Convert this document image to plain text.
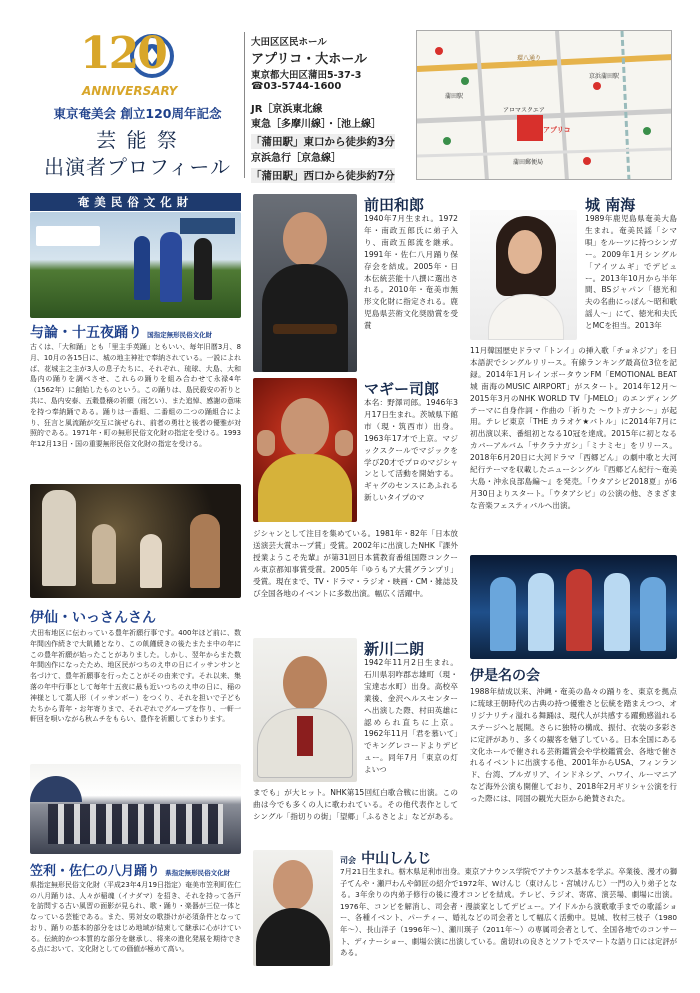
120
ANNIVERSARY
東京奄美会 創立120周年記念
芸 能 祭
出演者プロフィール
大田区区民ホール
アプリコ・大ホール
東京都大田区蒲田5-37-3
☎03-5744-1600
JR［京浜東北線
東急［多摩川線］・［池上線］
「蒲田駅」東口から徒歩約3分
京浜急行［京急線］
「蒲田駅」西口から徒歩約7分
環八通り
京浜蒲田駅
蒲田駅
アロマスクエア
アプリコ
蒲田郵便局
奄美民俗文化財
与論・十五夜踊り 国指定無形民俗文化財
古くは、「大和踊」とも「里主手英踊」ともいい、毎年旧暦3月、8月、10月の各15日に、城の地主神社で奉納されている。一説によれば、花城主之主が3人の息子たちに、それぞれ、琉球、大島、大和島内の踊りを調べさせ、これらの踊りを組み合わせて永禄4年（1562年）に創始したものという。この踊りは、島民殺安の祈りと共に、島内安泰、五穀豊穣の祈願（雨乞い）、また追悼、感謝の意味を持つ奉納踊である。踊りは一番組、二番組の二つの踊組合により、狂言と風流踊が交互に演ぜられ、前者の勇壮と後者の優雅が対照的である。1971年・町の無形民俗文化財の指定を受ける。1993年12月13日・国の重要無形民俗文化財の指定を受ける。
伊仙・いっさんさん
犬田布地区に伝わっている豊年祈願行事です。400年ほど前に、数年間凶作続きで大飢饉となり、この飢饉続きの後たまたま中の年にこの豊年祈願が始ったことがありました。しかし、翌年からまた数年間凶作になったため、地区民がつちのえ申の日にイッサンサンと名づけて、豊年祈願事を行ったことがその由来です。それ以来、集落の年中行事として毎年十五夜に最も近いつちのえ申の日に、稲の神様として藁人形（イッサンボー）をつくり、それを担いで子どもたちから青年・お年寄りまで、それぞれでグループを作り、一軒一軒回を唄いながら秋ムチをもらい、豊作を祈願してまわります。
笠利・佐仁の八月踊り 県指定無形民俗文化財
県指定無形民俗文化財（平成23年4月19日指定）奄美市笠利町佐仁の八月踊りは、人々が稲魂（イナダマ）を招き、それを持って各戸を訪問する古い風習の面影が見られ、歌・踊り・楽器が三位一体となっている芸能である。また、男対女の歌掛けが必須条件となっており、踊りの基本的部分をはじめ地域が結束して継承に心がけている。伝統的かつ本質的な部分を継承し、将来の進化発展を期待できる点において、文化財としての価値が極めて高い。
前田和郎
1940年7月生まれ。1972年・南政五郎氏に弟子入り、南政五郎流を継承。1991年・佐仁八月踊り保存会を結成。2005年・日本伝統芸能十八撰に選出される。2010年・奄美市無形文化財に指定される。鹿児島県芸術文化奨励賞を受賞
マギー司郎
本名：野澤司郎。1946年3月17日生まれ。茨城県下館市（現・筑西市）出身。1963年17才で上京。マジックスクールでマジックを学び20才でプロのマジシャンとして活動を開始する。ギャグのセンスにあふれる新しいタイプのマ
ジシャンとして注目を集めている。1981年・82年「日本放送演芸大賞ホープ賞」受賞。2002年に出演したNHK『課外授業ようこそ先輩』が第31回日本賞教育番組国際コンクール東京都知事賞受賞。2005年「ゆうもア大賞グランプリ」受賞。現在まで、TV・ドラマ・ラジオ・映画・CM・雑誌及び全国各地のイベントに多数出演。幅広く活躍中。
新川二朗
1942年11月2日生まれ。石川県羽咋郡志雄町（現・宝達志水町）出身。高校卒業後、金沢ヘルスセンター へ出演した際、村田英雄に認められ直ちに上京。1962年11月「君を慕いて」でキングレコードよりデビュー。同年7月「東京の灯よいつ
までも」が大ヒット。NHK第15回紅白歌合戦に出演。この曲は今でも多くの人に歌われている。その他代表作としてシングル「指切りの街」「望郷」「ふるさとよ」などがある。
城 南海
1989年鹿児島県奄美大島生まれ。奄美民謡「シマ唄」をルーツに持つシンガー。2009年1月シングル「アイツムギ」でデビュー。2013年10月から半年間、BSジャパン「徳光和夫の名曲にっぽん〜昭和歌謡人〜」にて、徳光和夫氏とMCを担当。2013年
11月韓国歴史ドラマ「トンイ」の挿入歌「チョネジア」を日本語訳でシングルリリース。有線ランキング最高位3位を記録。2014年1月レインボータウンFM「EMOTIONAL BEAT 城 南海のMUSIC AIRPORT」がスタート。2014年12月〜2015年3月のNHK WORLD TV「J-MELO」のエンディングテーマに自身作詞・作曲の「祈りた 〜ウトガナシ〜」が起用。テレビ東京「THE カラオケ★バトル」に2014年7月に初出演以来、番組初となる10冠を達成。2015年に初となるカバーアルバム「サクラナガシ」「ミナミセ」をリリース。2018年6月20日に大河ドラマ「西郷どん」の劇中歌と大河紀行テーマを収載したニューシングル『西郷どん紀行〜奄美大島・沖永良部島編〜』を発売。「ウタアシビ2018夏」が6月30日よりスタート。「ウタアシビ」の公演の他、さまざまな音楽フェスティバルへ出演。
伊是名の会
1988年結成以来、沖縄・奄美の島々の踊りを、東京を拠点に琉球王朝時代の古典の持つ優雅さと伝統を踏まえつつ、オリジナリティ溢れる舞踊は、現代人が共感する躍動感溢れるステージへと展開。さらに独特の構成、振付、衣装の多彩さに定評があり、多くの観客を魅了している。日本全国にある文化ホールで催される芸術鑑賞会や学校鑑賞会、各地で催されるイベントに出演する他、2001年からUSA、フィンランド、台湾、ブルガリア、インドネシア、ハワイ、ルーマニアなど海外公演も開催しており、2018年2月ギリシャ公演を行った際には、同国の観光大臣から絶賛された。
司会 中山しんじ
7月21日生まれ。栃木県足利市出身。東京アナウンス学院でアナウンス基本を学ぶ。卒業後、漫才の獅子てんや・瀬戸わんや師匠の紹介で1972年、Wけんじ（東けんじ・宮城けんじ）一門の入り弟子となる。3年余りの内弟子修行の後に漫才コンビを結成。テレビ、ラジオ、寄席、演芸場、劇場に出演。1976年、コンビを解消し、司会者・漫談家としてデビュー。アイドルから演歌歌手までの歌謡ショー、各種イベント、パーティー、婚礼などの司会者として幅広く活動中。見城、牧村三枝子（1980年〜）、長山洋子（1996年〜）、瀬川瑛子（2011年〜）の専属司会者として、全国各地でのコンサート、ディナーショー、劇場公演に出演している。歯切れの良さとソフトでスマートな語り口には定評がある。
